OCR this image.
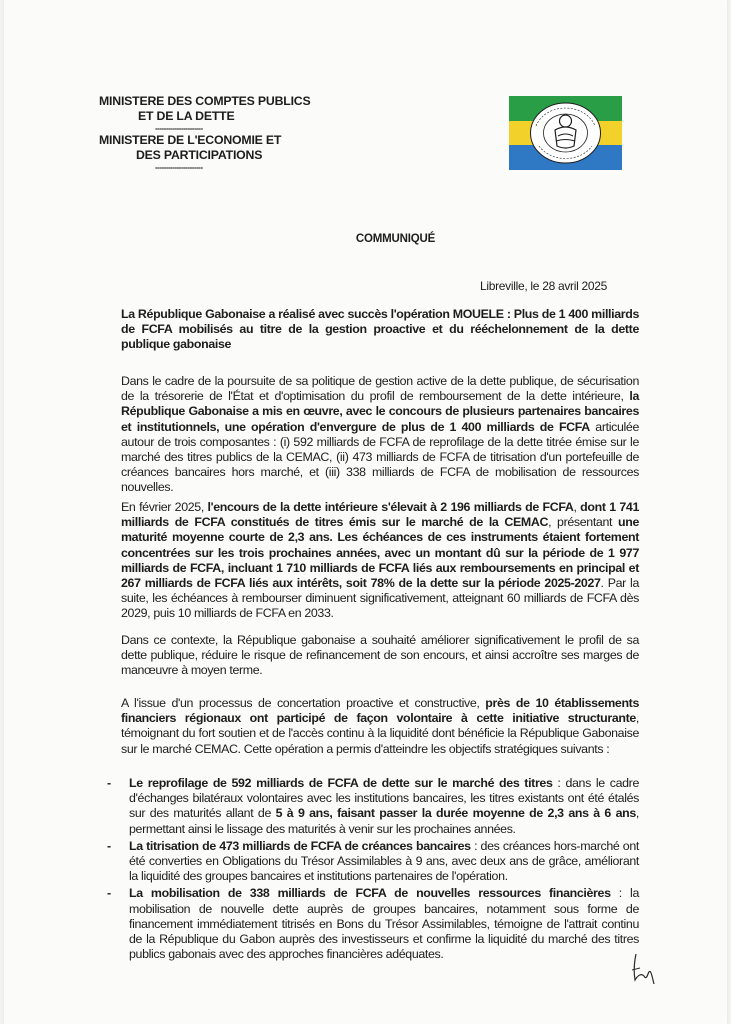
MINISTERE DES COMPTES PUBLICS
ET DE LA DETTE
----------------------
MINISTERE DE L'ECONOMIE ET
DES PARTICIPATIONS
----------------------
COMMUNIQUÉ
Libreville, le 28 avril 2025
La République Gabonaise a réalisé avec succès l'opération MOUELE : Plus de 1 400 milliards de FCFA mobilisés au titre de la gestion proactive et du rééchelonnement de la dette publique gabonaise
Dans le cadre de la poursuite de sa politique de gestion active de la dette publique, de sécurisation de la trésorerie de l'État et d'optimisation du profil de remboursement de la dette intérieure, la République Gabonaise a mis en œuvre, avec le concours de plusieurs partenaires bancaires et institutionnels, une opération d'envergure de plus de 1 400 milliards de FCFA articulée autour de trois composantes : (i) 592 milliards de FCFA de reprofilage de la dette titrée émise sur le marché des titres publics de la CEMAC, (ii) 473 milliards de FCFA de titrisation d'un portefeuille de créances bancaires hors marché, et (iii) 338 milliards de FCFA de mobilisation de ressources nouvelles.
En février 2025, l'encours de la dette intérieure s'élevait à 2 196 milliards de FCFA, dont 1 741 milliards de FCFA constitués de titres émis sur le marché de la CEMAC, présentant une maturité moyenne courte de 2,3 ans. Les échéances de ces instruments étaient fortement concentrées sur les trois prochaines années, avec un montant dû sur la période de 1 977 milliards de FCFA, incluant 1 710 milliards de FCFA liés aux remboursements en principal et 267 milliards de FCFA liés aux intérêts, soit 78% de la dette sur la période 2025-2027. Par la suite, les échéances à rembourser diminuent significativement, atteignant 60 milliards de FCFA dès 2029, puis 10 milliards de FCFA en 2033.
Dans ce contexte, la République gabonaise a souhaité améliorer significativement le profil de sa dette publique, réduire le risque de refinancement de son encours, et ainsi accroître ses marges de manœuvre à moyen terme.
A l'issue d'un processus de concertation proactive et constructive, près de 10 établissements financiers régionaux ont participé de façon volontaire à cette initiative structurante, témoignant du fort soutien et de l'accès continu à la liquidité dont bénéficie la République Gabonaise sur le marché CEMAC. Cette opération a permis d'atteindre les objectifs stratégiques suivants :
- Le reprofilage de 592 milliards de FCFA de dette sur le marché des titres : dans le cadre d'échanges bilatéraux volontaires avec les institutions bancaires, les titres existants ont été étalés sur des maturités allant de 5 à 9 ans, faisant passer la durée moyenne de 2,3 ans à 6 ans, permettant ainsi le lissage des maturités à venir sur les prochaines années.
- La titrisation de 473 milliards de FCFA de créances bancaires : des créances hors-marché ont été converties en Obligations du Trésor Assimilables à 9 ans, avec deux ans de grâce, améliorant la liquidité des groupes bancaires et institutions partenaires de l'opération.
- La mobilisation de 338 milliards de FCFA de nouvelles ressources financières : la mobilisation de nouvelle dette auprès de groupes bancaires, notamment sous forme de financement immédiatement titrisés en Bons du Trésor Assimilables, témoigne de l'attrait continu de la République du Gabon auprès des investisseurs et confirme la liquidité du marché des titres publics gabonais avec des approches financières adéquates.
